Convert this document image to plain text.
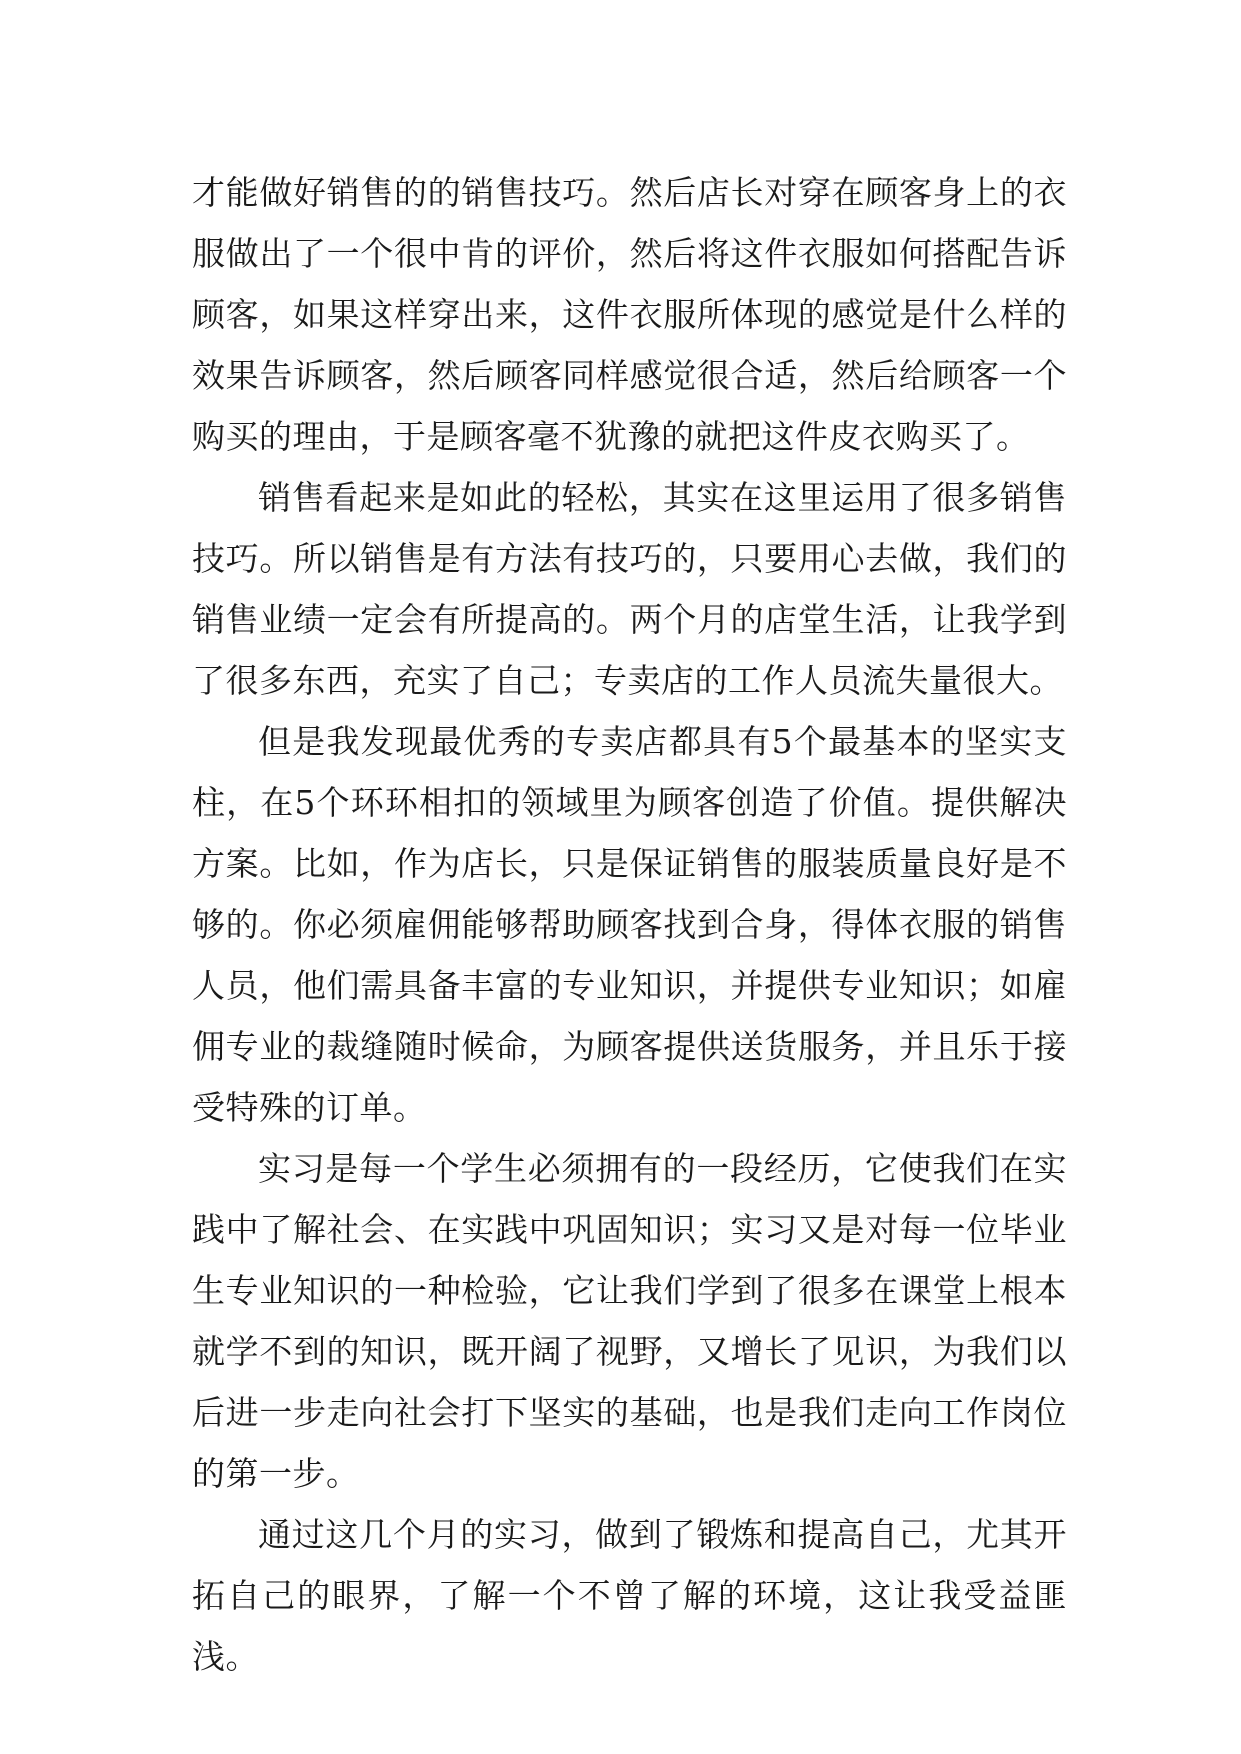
才能做好销售的的销售技巧。然后店长对穿在顾客身上的衣服做出了一个很中肯的评价，然后将这件衣服如何搭配告诉顾客，如果这样穿出来，这件衣服所体现的感觉是什么样的效果告诉顾客，然后顾客同样感觉很合适，然后给顾客一个购买的理由，于是顾客毫不犹豫的就把这件皮衣购买了。

销售看起来是如此的轻松，其实在这里运用了很多销售技巧。所以销售是有方法有技巧的，只要用心去做，我们的销售业绩一定会有所提高的。两个月的店堂生活，让我学到了很多东西，充实了自己；专卖店的工作人员流失量很大。

但是我发现最优秀的专卖店都具有5个最基本的坚实支柱，在5个环环相扣的领域里为顾客创造了价值。提供解决方案。比如，作为店长，只是保证销售的服装质量良好是不够的。你必须雇佣能够帮助顾客找到合身，得体衣服的销售人员，他们需具备丰富的专业知识，并提供专业知识；如雇佣专业的裁缝随时候命，为顾客提供送货服务，并且乐于接受特殊的订单。

实习是每一个学生必须拥有的一段经历，它使我们在实践中了解社会、在实践中巩固知识；实习又是对每一位毕业生专业知识的一种检验，它让我们学到了很多在课堂上根本就学不到的知识，既开阔了视野，又增长了见识，为我们以后进一步走向社会打下坚实的基础，也是我们走向工作岗位的第一步。

通过这几个月的实习，做到了锻炼和提高自己，尤其开拓自己的眼界，了解一个不曾了解的环境，这让我受益匪浅。
